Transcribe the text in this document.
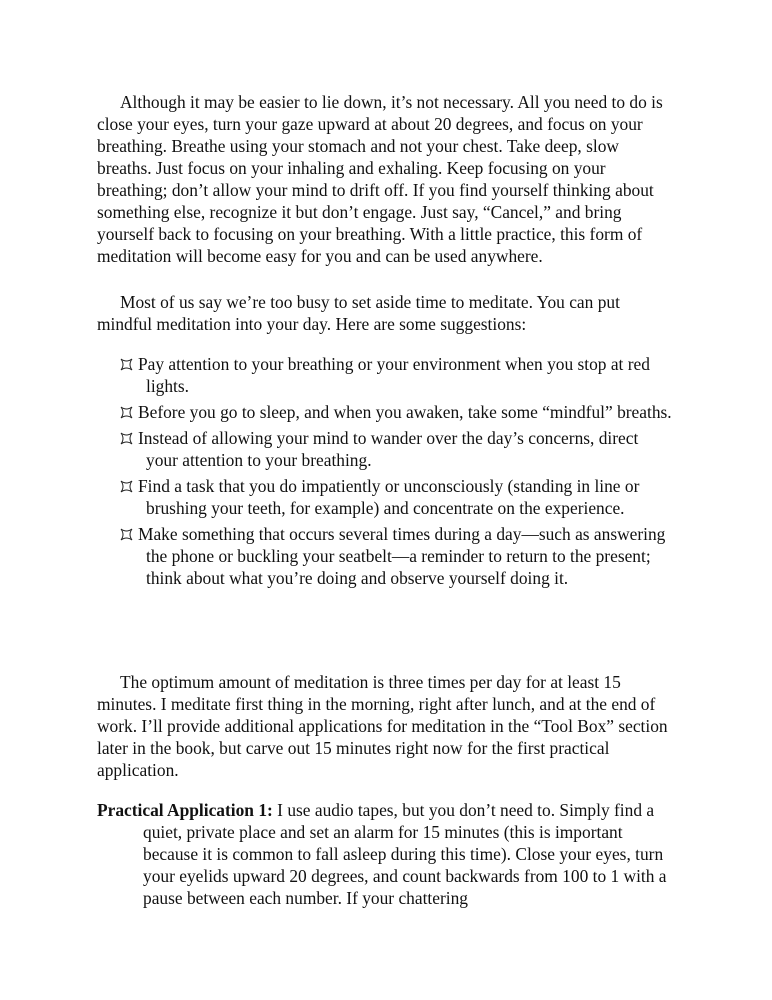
Although it may be easier to lie down, it’s not necessary. All you need to do is close your eyes, turn your gaze upward at about 20 degrees, and focus on your breathing. Breathe using your stomach and not your chest. Take deep, slow breaths. Just focus on your inhaling and exhaling. Keep focusing on your breathing; don’t allow your mind to drift off. If you find yourself thinking about something else, recognize it but don’t engage. Just say, “Cancel,” and bring yourself back to focusing on your breathing. With a little practice, this form of meditation will become easy for you and can be used anywhere.

Most of us say we’re too busy to set aside time to meditate. You can put mindful meditation into your day. Here are some suggestions:

Pay attention to your breathing or your environment when you stop at red lights.
Before you go to sleep, and when you awaken, take some “mindful” breaths.
Instead of allowing your mind to wander over the day’s concerns, direct your attention to your breathing.
Find a task that you do impatiently or unconsciously (standing in line or brushing your teeth, for example) and concentrate on the experience.
Make something that occurs several times during a day—such as answering the phone or buckling your seatbelt—a reminder to return to the present; think about what you’re doing and observe yourself doing it.

The optimum amount of meditation is three times per day for at least 15 minutes. I meditate first thing in the morning, right after lunch, and at the end of work. I’ll provide additional applications for meditation in the “Tool Box” section later in the book, but carve out 15 minutes right now for the first practical application.

Practical Application 1: I use audio tapes, but you don’t need to. Simply find a quiet, private place and set an alarm for 15 minutes (this is important because it is common to fall asleep during this time). Close your eyes, turn your eyelids upward 20 degrees, and count backwards from 100 to 1 with a pause between each number. If your chattering
